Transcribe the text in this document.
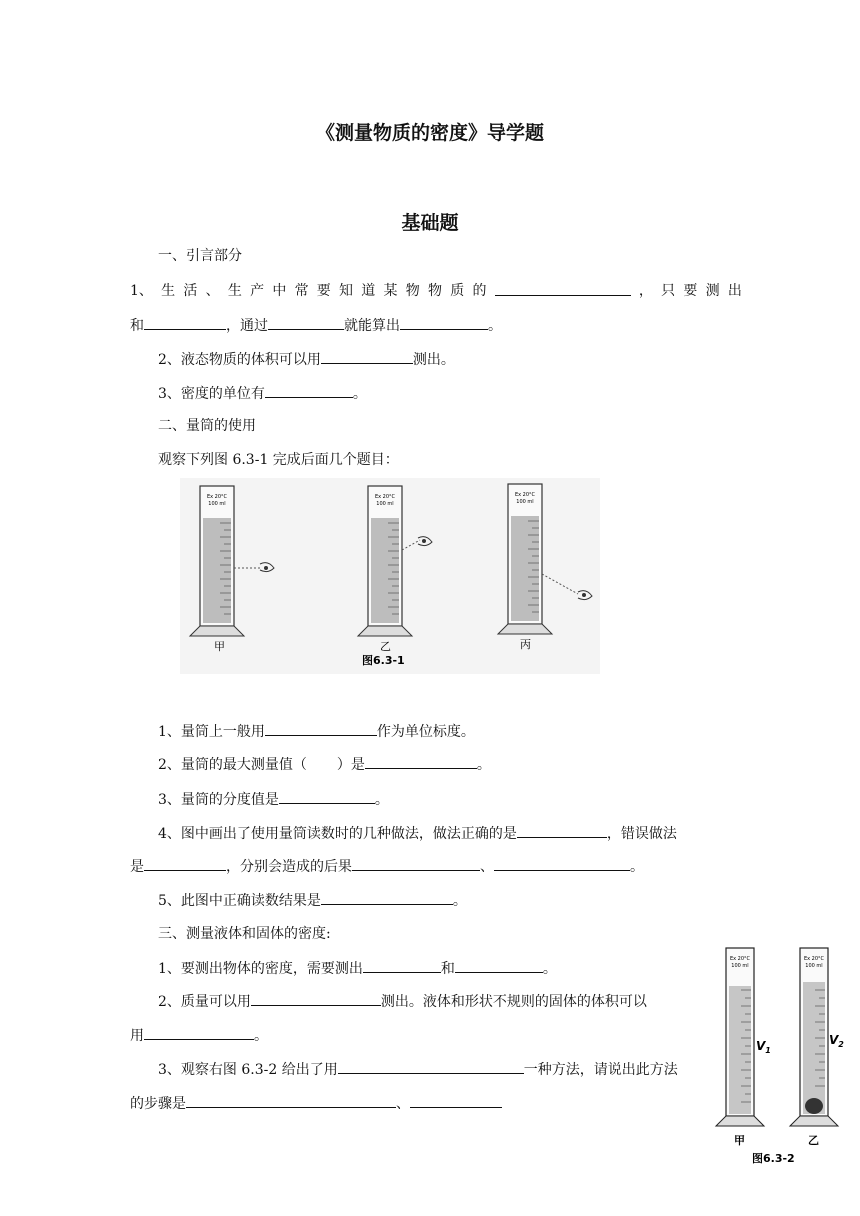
《测量物质的密度》导学题
基础题
一、引言部分
1、 生 活 、 生 产 中 常 要 知 道 某 物 物 质 的	， 只 要 测 出
和	，通过	就能算出	。
2、液态物质的体积可以用	测出。
3、密度的单位有	。
二、量筒的使用
观察下列图 6.3-1 完成后面几个题目：
Ex 20°C
100 ml
甲
Ex 20°C
100 ml
乙
Ex 20°C
100 ml
丙
图6.3-1
1、量筒上一般用	作为单位标度。
2、量筒的最大测量值（ ）是	。
3、量筒的分度值是	。
4、图中画出了使用量筒读数时的几种做法，做法正确的是	，错误做法
是	，分别会造成的后果	、	。
5、此图中正确读数结果是	。
三、测量液体和固体的密度:
1、要测出物体的密度，需要测出	和	。
2、质量可以用	测出。液体和形状不规则的固体的体积可以
用	。
3、观察右图 6.3-2 给出了用	一种方法，请说出此方法
的步骤是	、
Ex 20°C
100 ml
$V_1$
甲
Ex 20°C
100 ml
$V_2$
乙
图6.3-2
